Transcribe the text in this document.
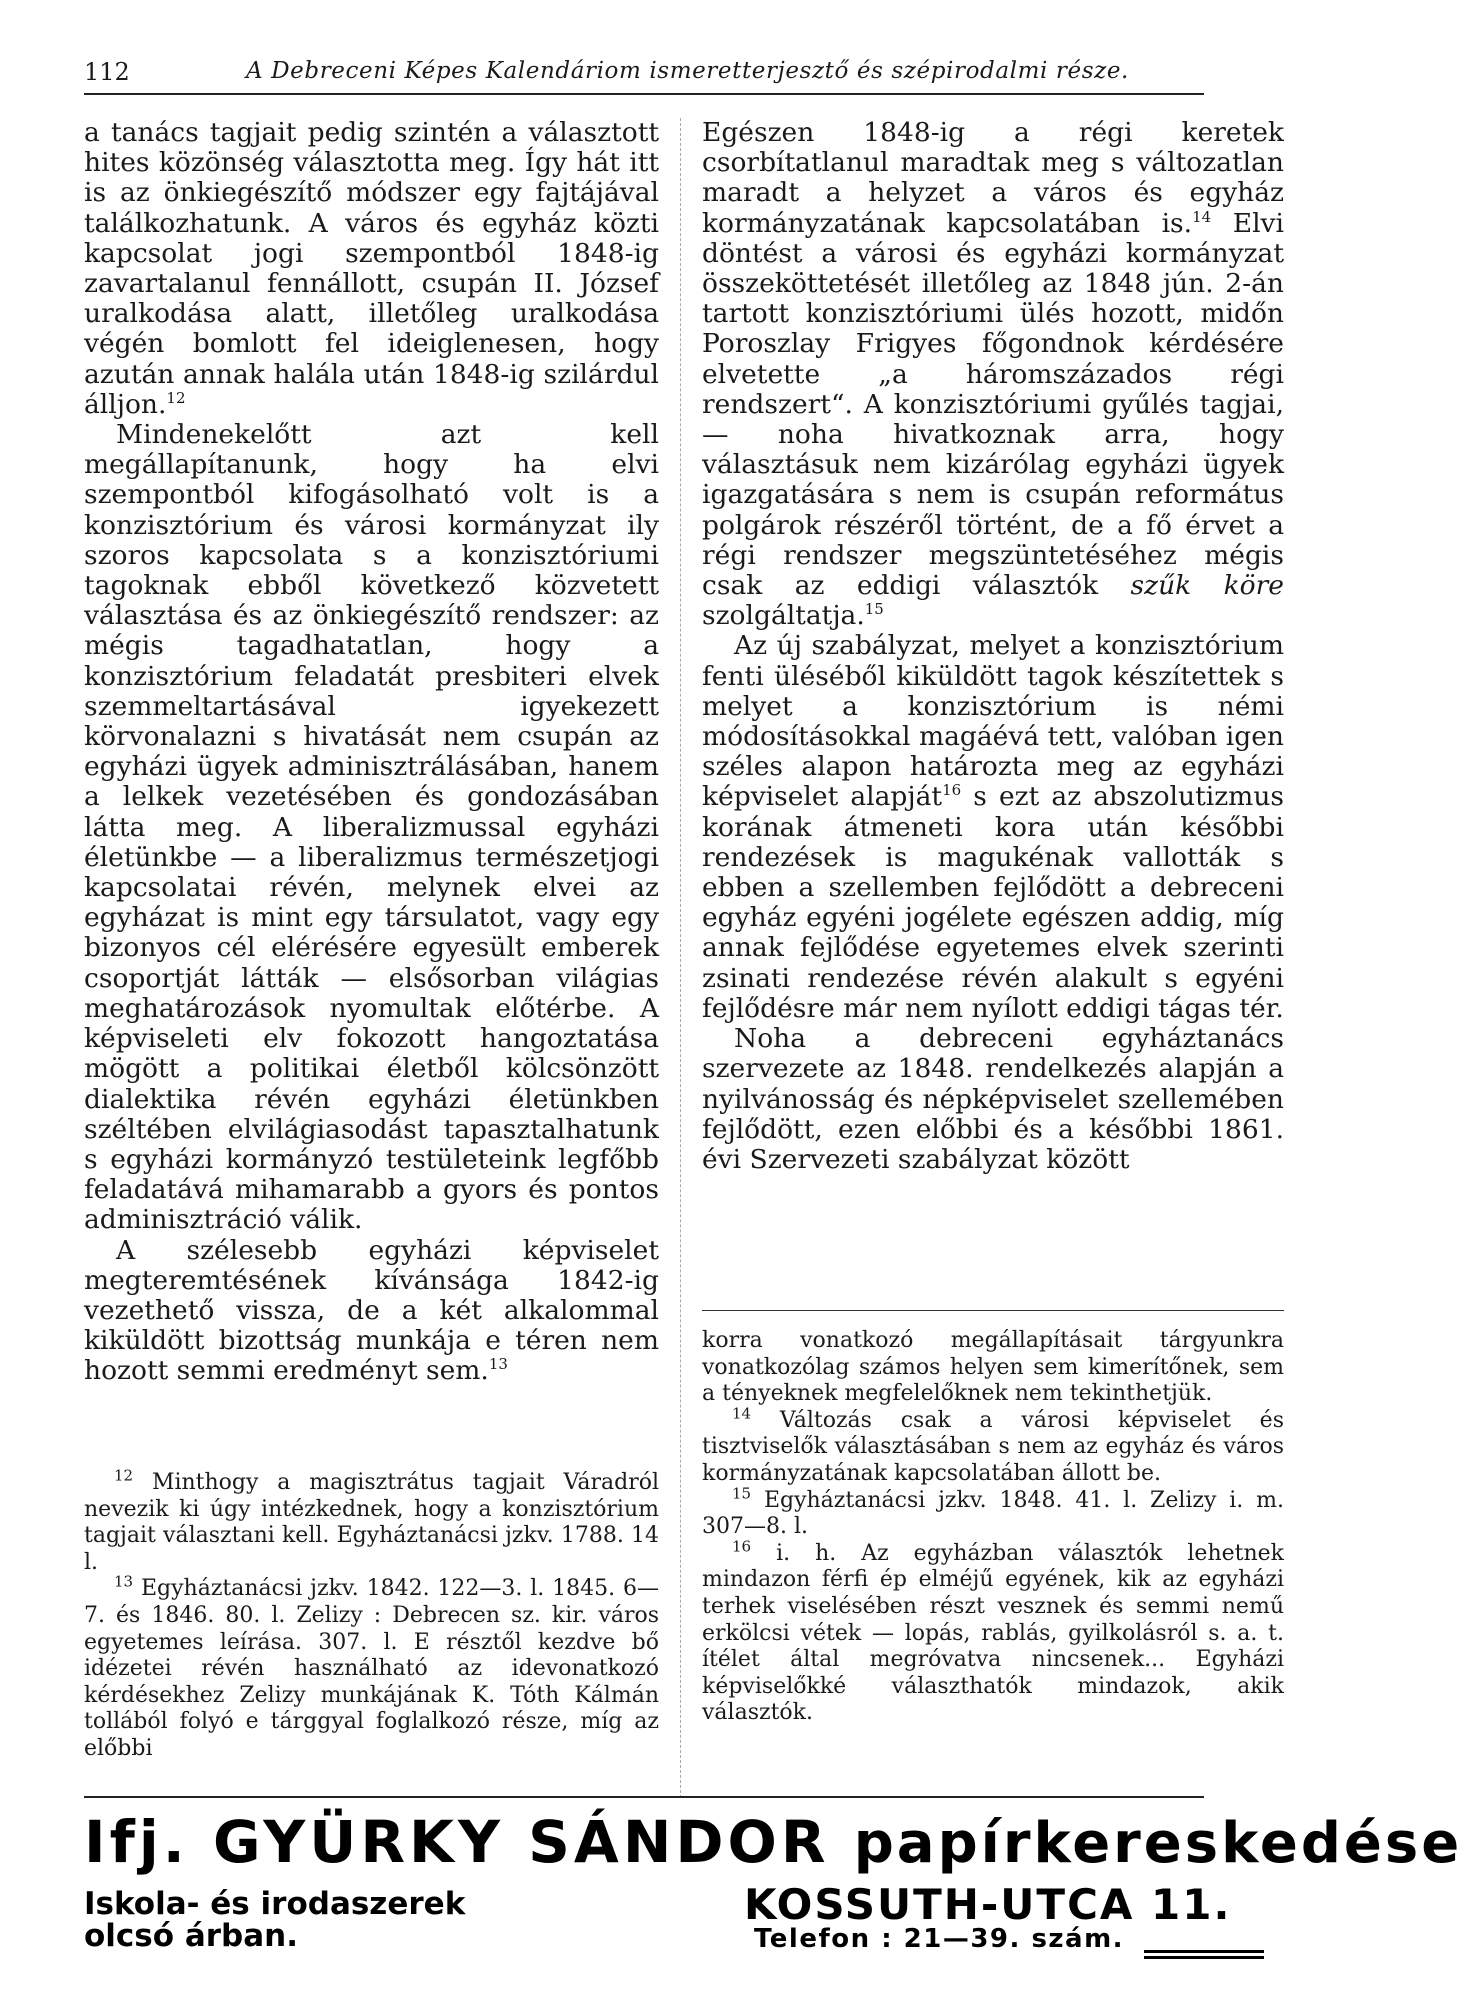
112	A Debreceni Képes Kalendáriom ismeretterjesztő és szépirodalmi része.

a tanács tagjait pedig szintén a választott hites közönség választotta meg. Így hát itt is az önkiegészítő módszer egy fajtájával találkozhatunk. A város és egyház közti kapcsolat jogi szempontból 1848-ig zavartalanul fennállott, csupán II. József uralkodása alatt, illetőleg uralkodása végén bomlott fel ideiglenesen, hogy azután annak halála után 1848-ig szilárdul álljon.$^{12}$

Mindenekelőtt azt kell megállapítanunk, hogy ha elvi szempontból kifogásolható volt is a konzisztórium és városi kormányzat ily szoros kapcsolata s a konzisztóriumi tagoknak ebből következő közvetett választása és az önkiegészítő rendszer: az mégis tagadhatatlan, hogy a konzisztórium feladatát presbiteri elvek szemmeltartásával igyekezett körvonalazni s hivatását nem csupán az egyházi ügyek adminisztrálásában, hanem a lelkek vezetésében és gondozásában látta meg. A liberalizmussal egyházi életünkbe — a liberalizmus természetjogi kapcsolatai révén, melynek elvei az egyházat is mint egy társulatot, vagy egy bizonyos cél elérésére egyesült emberek csoportját látták — elsősorban világias meghatározások nyomultak előtérbe. A képviseleti elv fokozott hangoztatása mögött a politikai életből kölcsönzött dialektika révén egyházi életünkben széltében elvilágiasodást tapasztalhatunk s egyházi kormányzó testületeink legfőbb feladatává mihamarabb a gyors és pontos adminisztráció válik.

A szélesebb egyházi képviselet megteremtésének kívánsága 1842-ig vezethető vissza, de a két alkalommal kiküldött bizottság munkája e téren nem hozott semmi eredményt sem.$^{13}$

$^{12}$ Minthogy a magisztrátus tagjait Váradról nevezik ki úgy intézkednek, hogy a konzisztórium tagjait választani kell. Egyháztanácsi jzkv. 1788. 14 l.

$^{13}$ Egyháztanácsi jzkv. 1842. 122—3. l. 1845. 6—7. és 1846. 80. l. Zelizy : Debrecen sz. kir. város egyetemes leírása. 307. l. E résztől kezdve bő idézetei révén használható az idevonatkozó kérdésekhez Zelizy munkájának K. Tóth Kálmán tollából folyó e tárggyal foglalkozó része, míg az előbbi

Egészen 1848-ig a régi keretek csorbítatlanul maradtak meg s változatlan maradt a helyzet a város és egyház kormányzatának kapcsolatában is.$^{14}$ Elvi döntést a városi és egyházi kormányzat összeköttetését illetőleg az 1848 jún. 2-án tartott konzisztóriumi ülés hozott, midőn Poroszlay Frigyes főgondnok kérdésére elvetette „a háromszázados régi rendszert“. A konzisztóriumi gyűlés tagjai, — noha hivatkoznak arra, hogy választásuk nem kizárólag egyházi ügyek igazgatására s nem is csupán református polgárok részéről történt, de a fő érvet a régi rendszer megszüntetéséhez mégis csak az eddigi választók szűk köre szolgáltatja.$^{15}$

Az új szabályzat, melyet a konzisztórium fenti üléséből kiküldött tagok készítettek s melyet a konzisztórium is némi módosításokkal magáévá tett, valóban igen széles alapon határozta meg az egyházi képviselet alapját$^{16}$ s ezt az abszolutizmus korának átmeneti kora után későbbi rendezések is magukénak vallották s ebben a szellemben fejlődött a debreceni egyház egyéni jogélete egészen addig, míg annak fejlődése egyetemes elvek szerinti zsinati rendezése révén alakult s egyéni fejlődésre már nem nyílott eddigi tágas tér.

Noha a debreceni egyháztanács szervezete az 1848. rendelkezés alapján a nyilvánosság és népképviselet szellemében fejlődött, ezen előbbi és a későbbi 1861. évi Szervezeti szabályzat között

korra vonatkozó megállapításait tárgyunkra vonatkozólag számos helyen sem kimerítőnek, sem a tényeknek megfelelőknek nem tekinthetjük.

$^{14}$ Változás csak a városi képviselet és tisztviselők választásában s nem az egyház és város kormányzatának kapcsolatában állott be.

$^{15}$ Egyháztanácsi jzkv. 1848. 41. l. Zelizy i. m. 307—8. l.

$^{16}$ i. h. Az egyházban választók lehetnek mindazon férfi ép elméjű egyének, kik az egyházi terhek viselésében részt vesznek és semmi nemű erkölcsi vétek — lopás, rablás, gyilkolásról s. a. t. ítélet által megróvatva nincsenek... Egyházi képviselőkké választhatók mindazok, akik választók.

Ifj. GYÜRKY SÁNDOR papírkereskedése
Iskola- és irodaszerek
olcsó árban.
KOSSUTH-UTCA 11.
Telefon : 21—39. szám.
